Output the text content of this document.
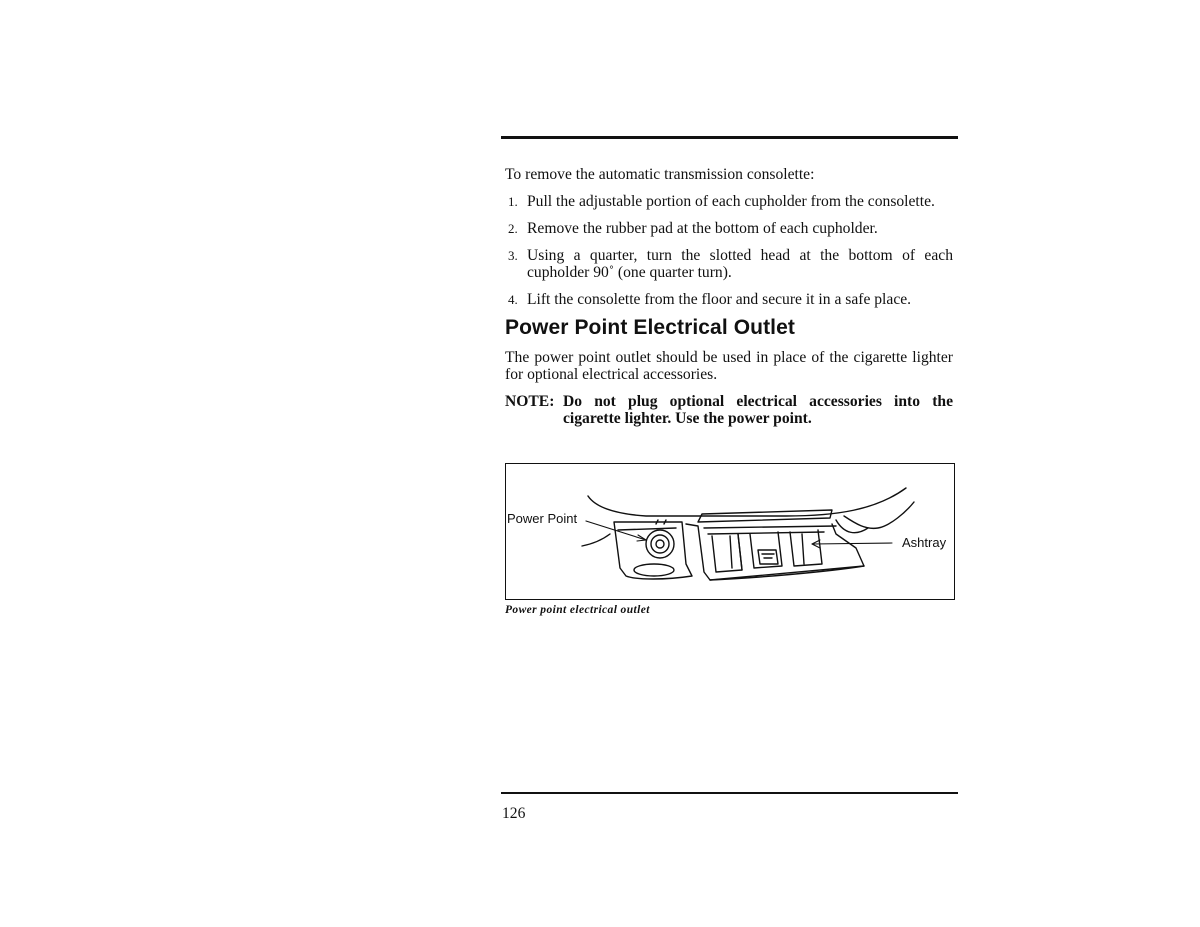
To remove the automatic transmission consolette:

1. Pull the adjustable portion of each cupholder from the consolette.
2. Remove the rubber pad at the bottom of each cupholder.
3. Using a quarter, turn the slotted head at the bottom of each cupholder 90˚ (one quarter turn).
4. Lift the consolette from the floor and secure it in a safe place.
Power Point Electrical Outlet

The power point outlet should be used in place of the cigarette lighter for optional electrical accessories.

NOTE: Do not plug optional electrical accessories into the cigarette lighter. Use the power point.
Power Point
Ashtray
Power point electrical outlet
126
